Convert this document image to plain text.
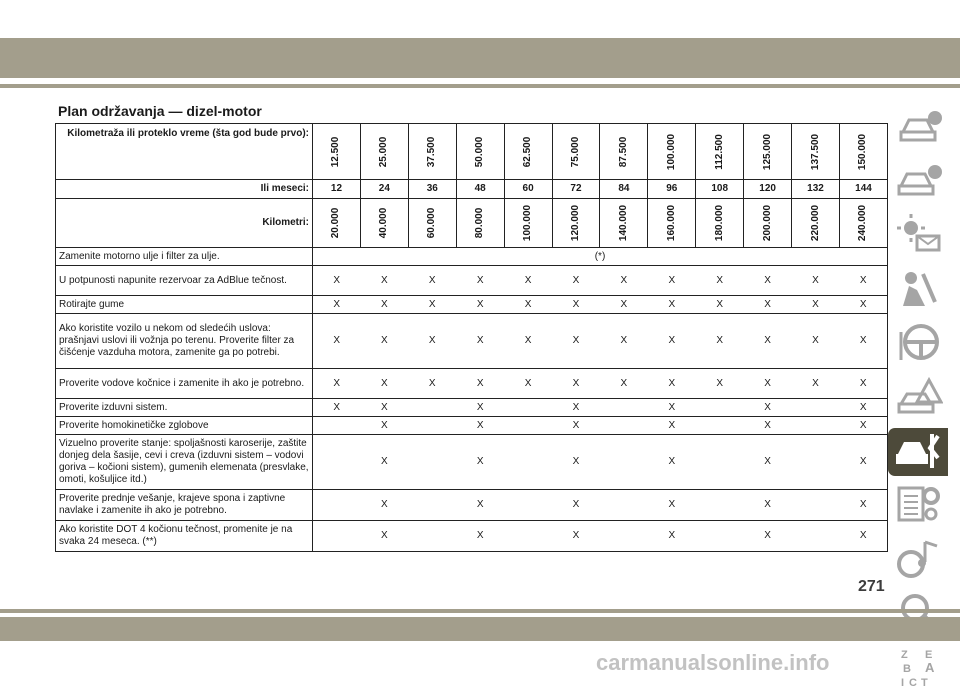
Plan održavanja — dizel-motor
Kilometraža ili proteklo vreme (šta god bude prvo):	12.500	25.000	37.500	50.000	62.500	75.000	87.500	100.000	112.500	125.000	137.500	150.000

Ili meseci:	12	24	36	48	60	72	84	96	108	120	132	144
Kilometri:	20.000	40.000	60.000	80.000	100.000	120.000	140.000	160.000	180.000	200.000	220.000	240.000

Zamenite motorno ulje i filter za ulje.	(*)											
U potpunosti napunite rezervoar za AdBlue tečnost.	X	X	X	X	X	X	X	X	X	X	X	X
Rotirajte gume	X	X	X	X	X	X	X	X	X	X	X	X
Ako koristite vozilo u nekom od sledećih uslova: prašnjavi uslovi ili vožnja po terenu. Proverite filter za čišćenje vazduha motora, zamenite ga po potrebi.	X	X	X	X	X	X	X	X	X	X	X	X
Proverite vodove kočnice i zamenite ih ako je potrebno.	X	X	X	X	X	X	X	X	X	X	X	X
Proverite izduvni sistem.	X	X		X		X		X		X		X
Proverite homokinetičke zglobove		X		X		X		X		X		X
Vizuelno proverite stanje: spoljašnosti karoserije, zaštite donjeg dela šasije, cevi i creva (izduvni sistem – vodovi goriva – kočioni sistem), gumenih elemenata (presvlake, omoti, košuljice itd.)		X		X		X		X		X		X
Proverite prednje vešanje, krajeve spona i zaptivne navlake i zamenite ih ako je potrebno.		X		X		X		X		X		X
Ako koristite DOT 4 kočionu tečnost, promenite je na svaka 24 meseca. (**)		X		X		X		X		X		X
Z E
B A
I C T
271
carmanualsonline.info
